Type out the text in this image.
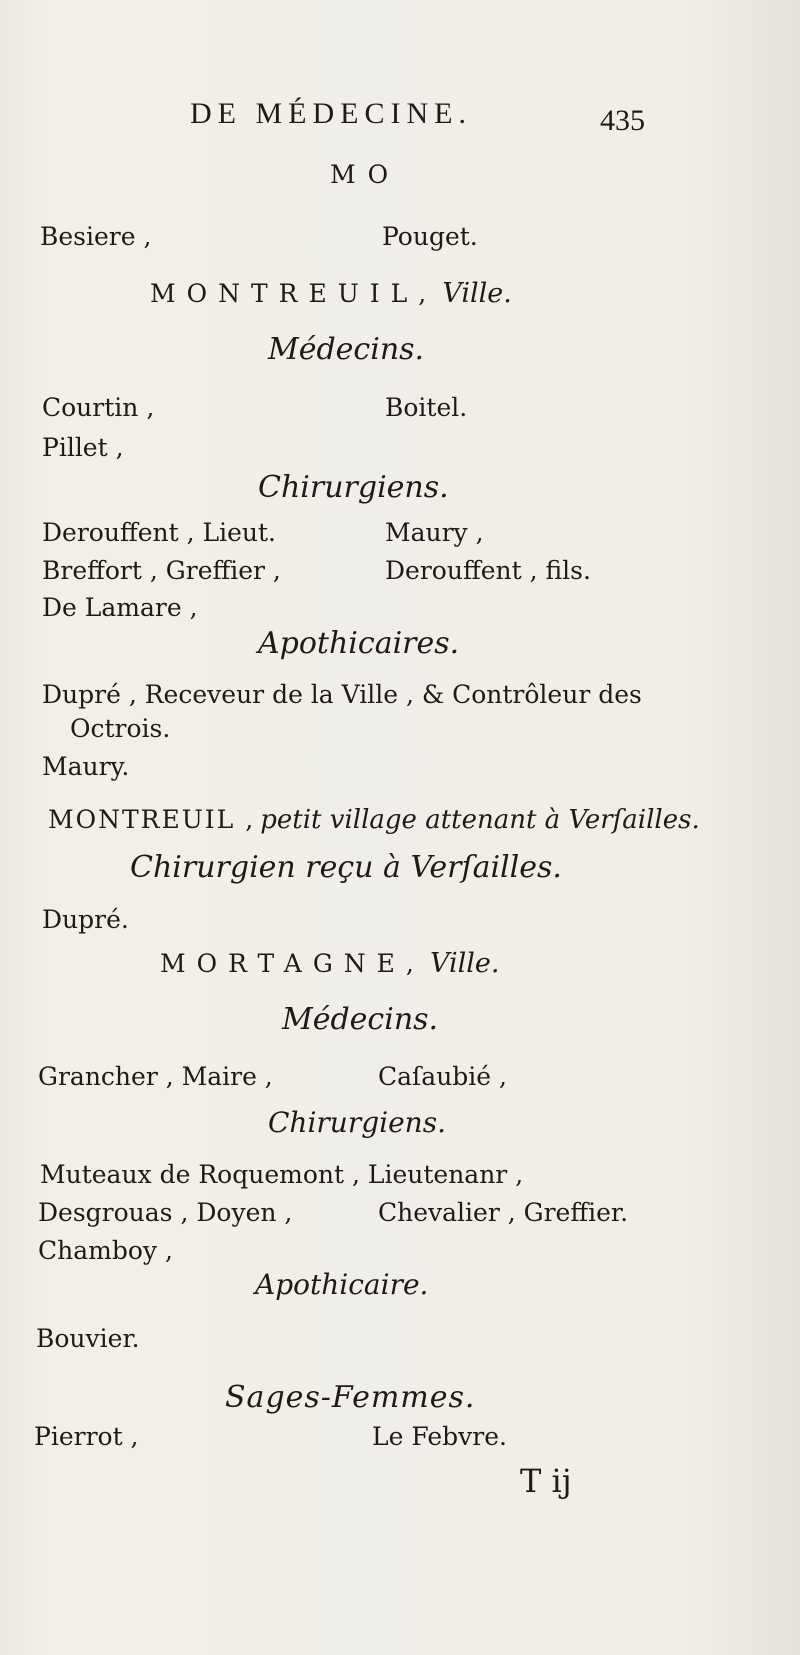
DE MÉDECINE.	435
MO
Besiere ,	Pouget.
MONTREUIL, Ville.
Médecins.
Courtin ,	Boitel.
Pillet ,
Chirurgiens.
Derouffent , Lieut.	Maury ,
Breffort , Greffier ,	Derouffent , fils.
De Lamare ,
Apothicaires.
Dupré , Receveur de la Ville , & Contrôleur des
Octrois.
Maury.
MONTREUIL , petit village attenant à Verſailles.
Chirurgien reçu à Verſailles.
Dupré.
MORTAGNE, Ville.
Médecins.
Grancher , Maire ,	Caſaubié ,
Chirurgiens.
Muteaux de Roquemont , Lieutenanr ,
Desgrouas , Doyen ,	Chevalier , Greffier.
Chamboy ,
Apothicaire.
Bouvier.
Sages-Femmes.
Pierrot ,	Le Febvre.
T ij
